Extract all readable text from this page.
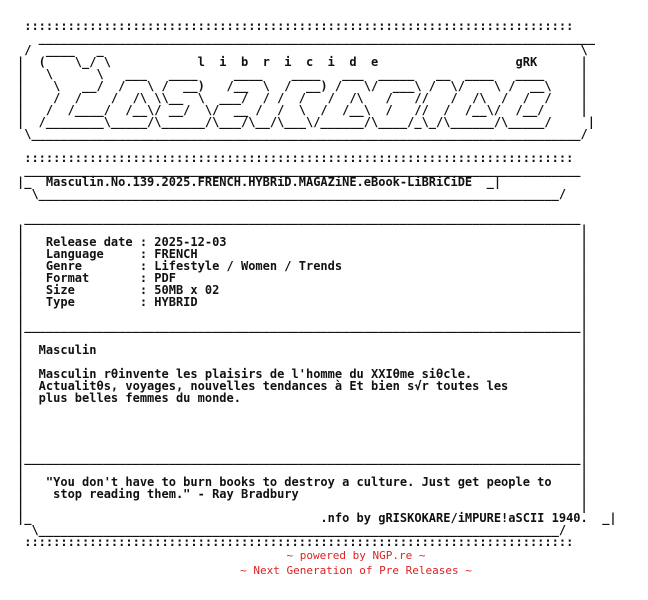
::::::::::::::::::::::::::::::::::::::::::::::::::::::::::::::::::::::::::::
_____________________________________________________________________________
/  ____   _                                                                  \
|  (    \_/ \            l  i  b  r  i  c  i  d  e                   gRK      |
|   \      \   ___   ____     ____    ____   ___  _____   __  ____   ____     |
|    \   __/  /   \ /  __)   /__  \  /  __) /   \/  ___\ /  \/    \ /  __\    |
|    /  /    /  /\ \\__  \  ___/  / /  /   /  /\   /   //   /  /\  /  /  /    |
|   /  /____/  /__\/ __/  \/  __ /  /  \  /  /__\  /   //  /  /__\/  /__/     |
|  /________\_____/\______/\___/\__/\___\/______/\____/_\_/\______/\_____/     |
\____________________________________________________________________________/

::::::::::::::::::::::::::::::::::::::::::::::::::::::::::::::::::::::::::::
_____________________________________________________________________________
|_  Masculin.No.139.2025.FRENCH.HYBRiD.MAGAZiNE.eBook-LiBRiCiDE  _|
\________________________________________________________________________/

_____________________________________________________________________________
|                                                                             |
|   Release date : 2025-12-03                                                 |
|   Language     : FRENCH                                                     |
|   Genre        : Lifestyle / Women / Trends                                 |
|   Format       : PDF                                                        |
|   Size         : 50MB x 02                                                  |
|   Type         : HYBRID                                                     |
|                                                                             |
|_____________________________________________________________________________|
|                                                                             |
|  Masculin                                                                   |
|                                                                             |
|  Masculin rθinvente les plaisirs de l'homme du XXIθme siθcle.               |
|  Actualitθs, voyages, nouvelles tendances à Et bien s√r toutes les          |
|  plus belles femmes du monde.                                               |
|                                                                             |
|                                                                             |
|                                                                             |
|                                                                             |
|_____________________________________________________________________________|
|                                                                             |
|   "You don't have to burn books to destroy a culture. Just get people to    |
|    stop reading them." - Ray Bradbury                                       |
|                                                                             |
|_                                        .nfo by gRISKOKARE/iMPURE!aSCII 1940.  _|
\________________________________________________________________________/
::::::::::::::::::::::::::::::::::::::::::::::::::::::::::::::::::::::::::::
~ powered by NGP.re ~
~ Next Generation of Pre Releases ~
